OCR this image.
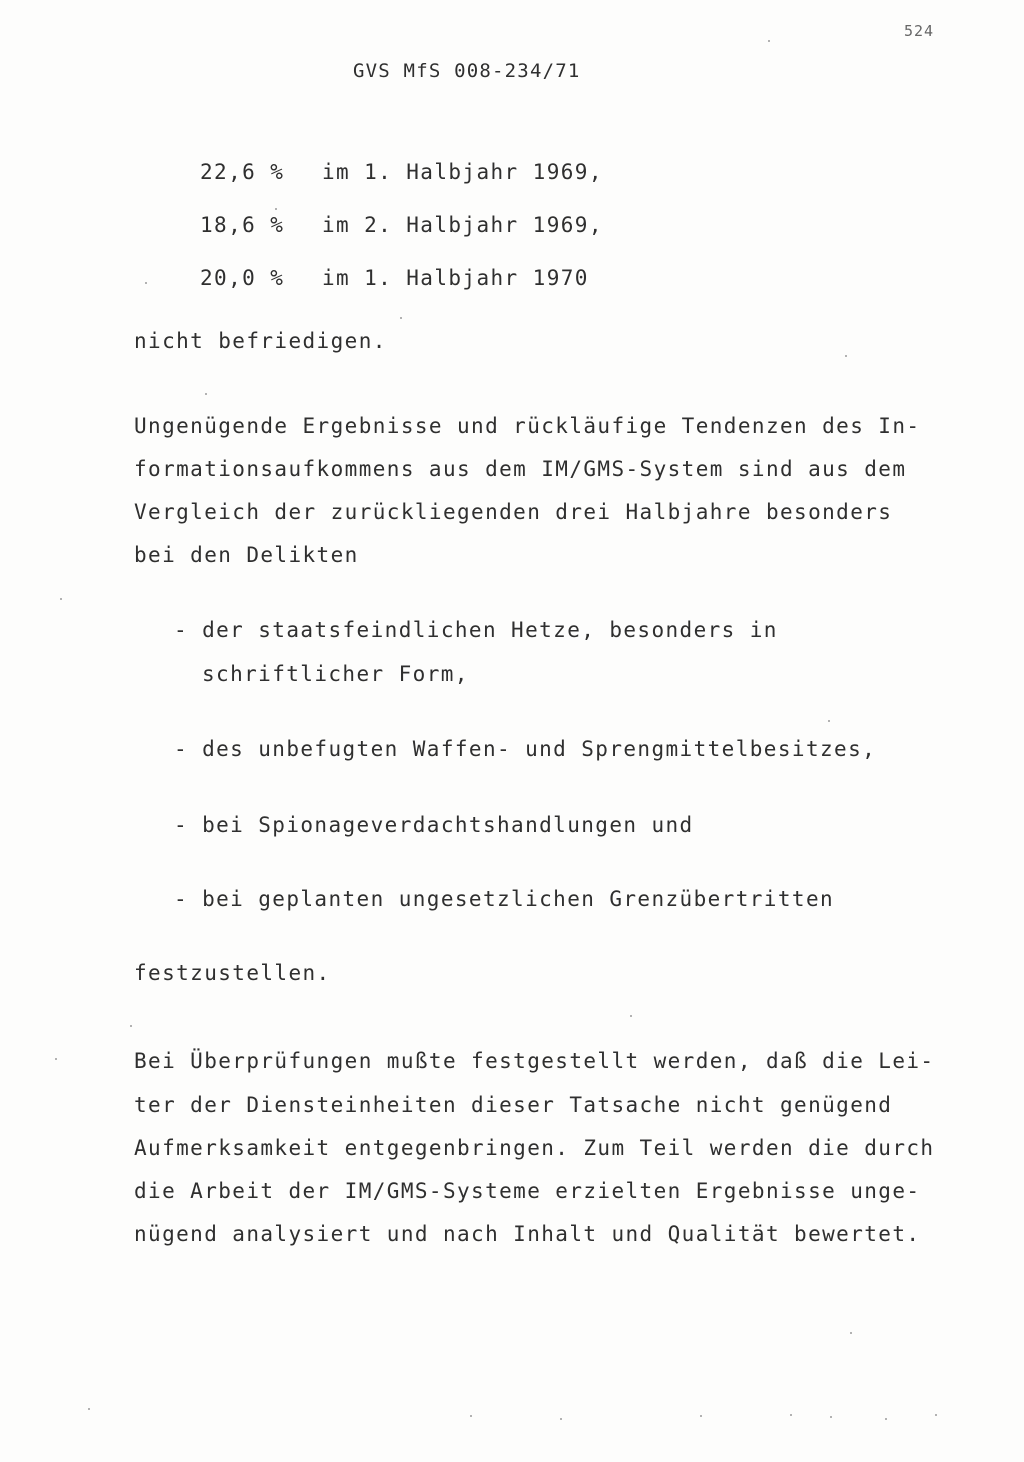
524
GVS MfS 008-234/71
22,6 % im 1. Halbjahr 1969,
18,6 % im 2. Halbjahr 1969,
20,0 % im 1. Halbjahr 1970
nicht befriedigen.
Ungenügende Ergebnisse und rückläufige Tendenzen des In-
formationsaufkommens aus dem IM/GMS-System sind aus dem
Vergleich der zurückliegenden drei Halbjahre besonders
bei den Delikten
- der staatsfeindlichen Hetze, besonders in
schriftlicher Form,
- des unbefugten Waffen- und Sprengmittelbesitzes,
- bei Spionageverdachtshandlungen und
- bei geplanten ungesetzlichen Grenzübertritten
festzustellen.
Bei Überprüfungen mußte festgestellt werden, daß die Lei-
ter der Diensteinheiten dieser Tatsache nicht genügend
Aufmerksamkeit entgegenbringen. Zum Teil werden die durch
die Arbeit der IM/GMS-Systeme erzielten Ergebnisse unge-
nügend analysiert und nach Inhalt und Qualität bewertet.
